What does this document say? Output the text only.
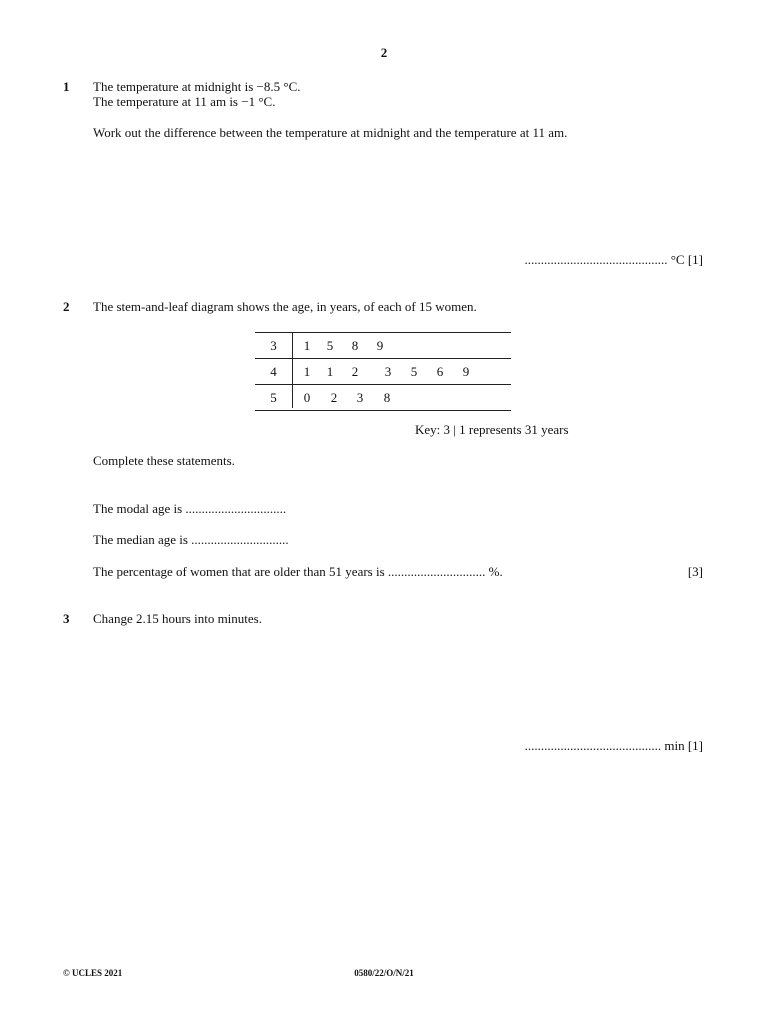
2
1 The temperature at midnight is −8.5 °C.
The temperature at 11 am is −1 °C.
Work out the difference between the temperature at midnight and the temperature at 11 am.
............................................ °C [1]
2 The stem-and-leaf diagram shows the age, in years, of each of 15 women.
3	1 5 8 9
4	1 1 2 3 5 6 9
5	0 2 3 8
Key: 3 | 1 represents 31 years
Complete these statements.
The modal age is ...............................
The median age is ..............................
The percentage of women that are older than 51 years is .............................. %.	[3]
3 Change 2.15 hours into minutes.
.......................................... min [1]
© UCLES 2021	0580/22/O/N/21
